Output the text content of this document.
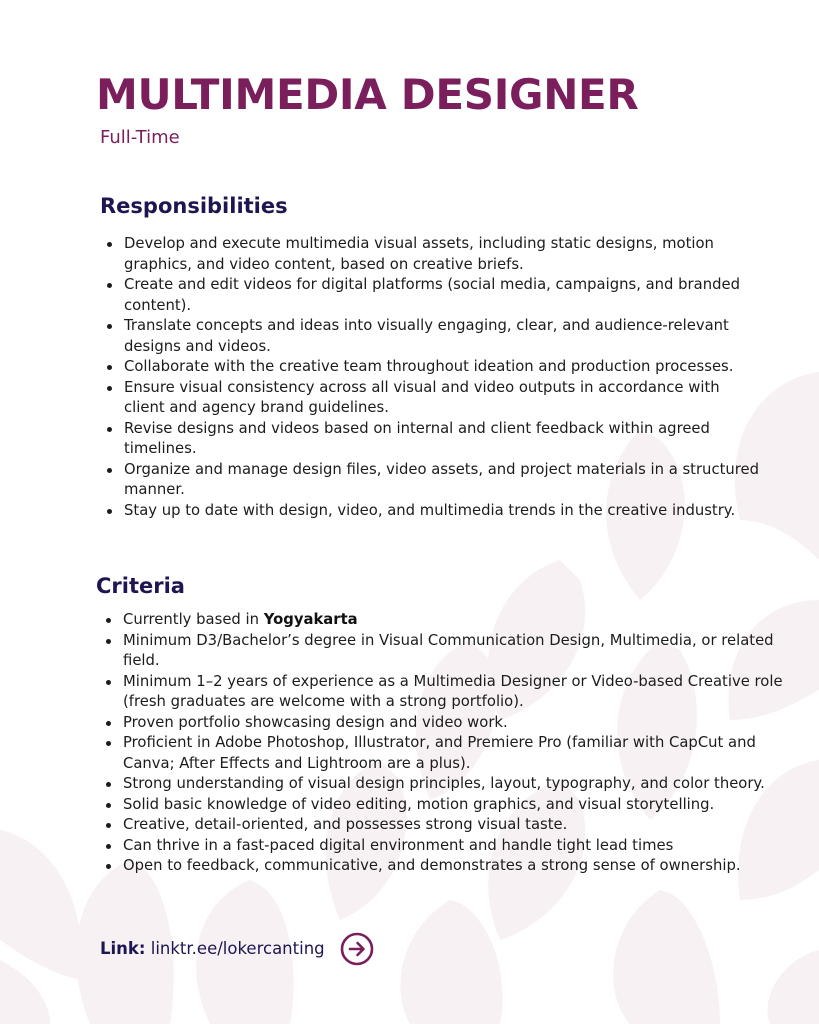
MULTIMEDIA DESIGNER
Full-Time
Responsibilities
Develop and execute multimedia visual assets, including static designs, motion graphics, and video content, based on creative briefs.
Create and edit videos for digital platforms (social media, campaigns, and branded content).
Translate concepts and ideas into visually engaging, clear, and audience-relevant designs and videos.
Collaborate with the creative team throughout ideation and production processes.
Ensure visual consistency across all visual and video outputs in accordance with client and agency brand guidelines.
Revise designs and videos based on internal and client feedback within agreed timelines.
Organize and manage design files, video assets, and project materials in a structured manner.
Stay up to date with design, video, and multimedia trends in the creative industry.
Criteria
Currently based in Yogyakarta
Minimum D3/Bachelor’s degree in Visual Communication Design, Multimedia, or related field.
Minimum 1–2 years of experience as a Multimedia Designer or Video-based Creative role (fresh graduates are welcome with a strong portfolio).
Proven portfolio showcasing design and video work.
Proficient in Adobe Photoshop, Illustrator, and Premiere Pro (familiar with CapCut and Canva; After Effects and Lightroom are a plus).
Strong understanding of visual design principles, layout, typography, and color theory.
Solid basic knowledge of video editing, motion graphics, and visual storytelling.
Creative, detail-oriented, and possesses strong visual taste.
Can thrive in a fast-paced digital environment and handle tight lead times
Open to feedback, communicative, and demonstrates a strong sense of ownership.
Link: linktr.ee/lokercanting
